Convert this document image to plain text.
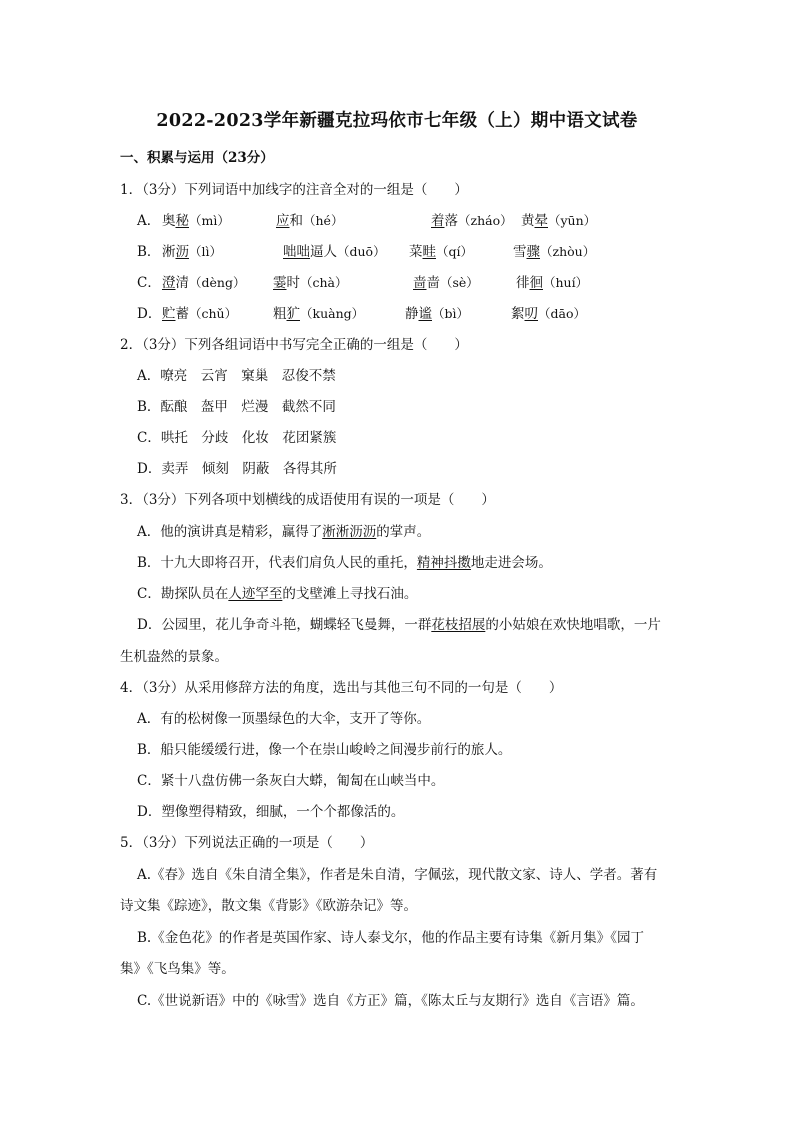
2022-2023学年新疆克拉玛依市七年级（上）期中语文试卷
一、积累与运用（23分）
1．（3分）下列词语中加线字的注音全对的一组是（　　）
A． 奥秘（mì）	应和（hé）	着落（zháo） 黄晕（yūn）
B． 淅沥（lì）	咄咄逼人（duō） 菜畦（qí）	雪骤（zhòu）
C． 澄清（dèng） 霎时（chà）	啬啬（sè）	徘徊（huí）
D． 贮蓄（chǔ）	粗犷（kuàng）	静谧（bì）	絮叨（dāo）
2．（3分）下列各组词语中书写完全正确的一组是（　　）
A．嘹亮　云宵　窠巢　忍俊不禁
B．酝酿　盔甲　烂漫　截然不同
C．哄托　分歧　化妆　花团紧簇
D．卖弄　倾刻　阴蔽　各得其所
3．（3分）下列各项中划横线的成语使用有误的一项是（　　）
A．他的演讲真是精彩，赢得了淅淅沥沥的掌声。
B．十九大即将召开，代表们肩负人民的重托，精神抖擞地走进会场。
C．勘探队员在人迹罕至的戈壁滩上寻找石油。
D．公园里，花儿争奇斗艳，蝴蝶轻飞曼舞，一群花枝招展的小姑娘在欢快地唱歌，一片
生机盎然的景象。
4．（3分）从采用修辞方法的角度，选出与其他三句不同的一句是（　　）
A．有的松树像一顶墨绿色的大伞，支开了等你。
B．船只能缓缓行进，像一个在崇山峻岭之间漫步前行的旅人。
C．紧十八盘仿佛一条灰白大蟒，匍匐在山峡当中。
D．塑像塑得精致，细腻，一个个都像活的。
5．（3分）下列说法正确的一项是（　　）
A.《春》选自《朱自清全集》，作者是朱自清，字佩弦，现代散文家、诗人、学者。著有
诗文集《踪迹》，散文集《背影》《欧游杂记》等。
B.《金色花》的作者是英国作家、诗人泰戈尔，他的作品主要有诗集《新月集》《园丁
集》《飞鸟集》等。
C.《世说新语》中的《咏雪》选自《方正》篇，《陈太丘与友期行》选自《言语》篇。
